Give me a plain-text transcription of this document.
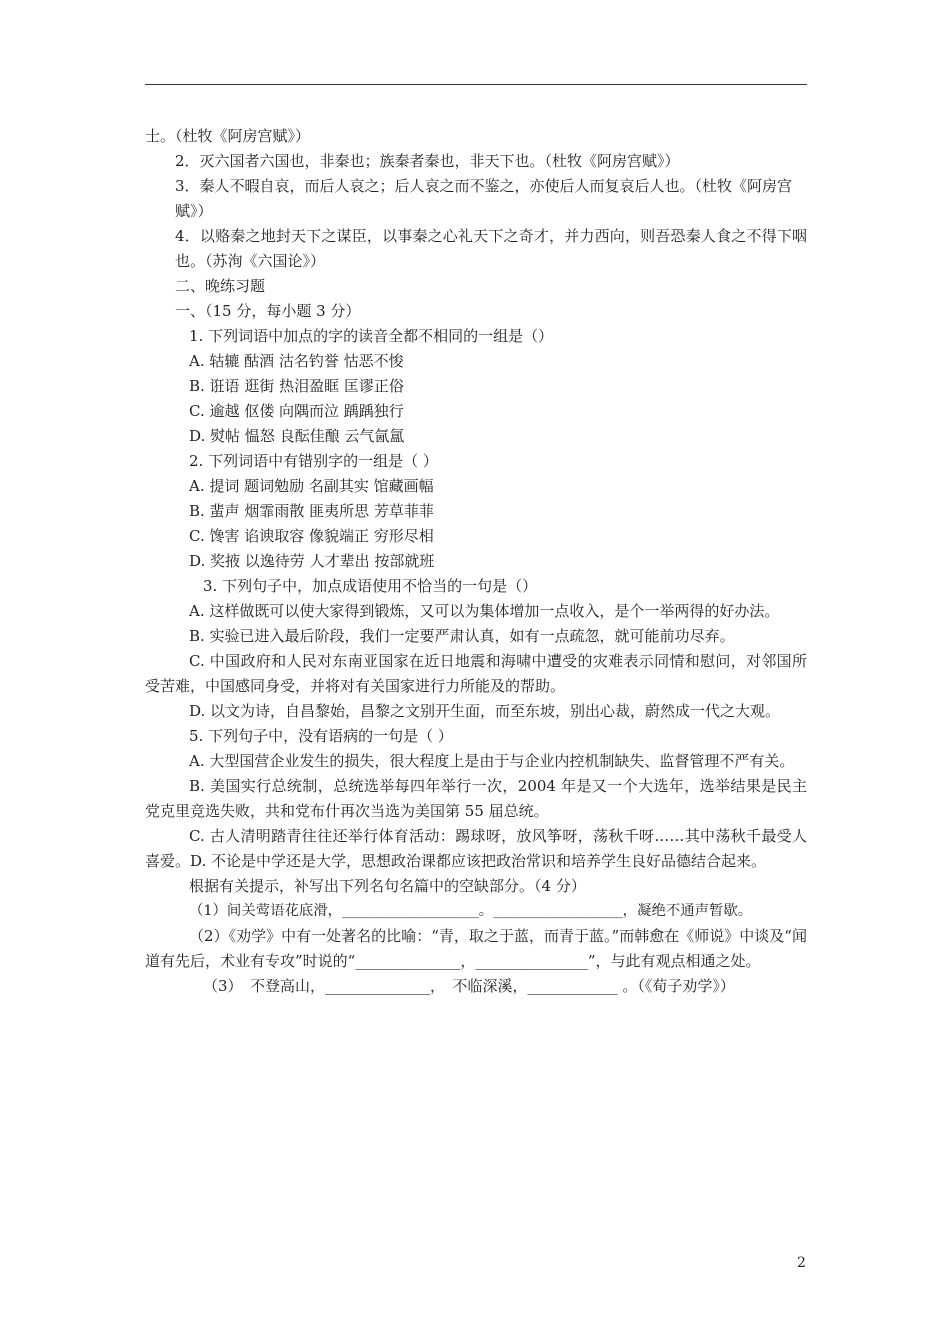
士。（杜牧《阿房宫赋》）
2．灭六国者六国也，非秦也；族秦者秦也，非天下也。（杜牧《阿房宫赋》）
3．秦人不暇自哀，而后人哀之；后人哀之而不鉴之，亦使后人而复哀后人也。（杜牧《阿房宫赋》）
4．以赂秦之地封天下之谋臣，以事秦之心礼天下之奇才，并力西向，则吾恐秦人食之不得下咽也。（苏洵《六国论》）
二、晚练习题
一、（15 分，每小题 3 分）
1. 下列词语中加点的字的读音全都不相同的一组是（）
A. 轱辘 酤酒 沽名钓誉 怙恶不悛
B. 诳语 逛街 热泪盈眶 匡谬正俗
C. 逾越 伛偻 向隅而泣 踽踽独行
D. 熨帖 愠怒 良酝佳酿 云气氤氲
2. 下列词语中有错别字的一组是（ ）
A. 提词 题词勉励 名副其实 馆藏画幅
B. 蜚声 烟霏雨散 匪夷所思 芳草菲菲
C. 馋害 谄谀取容 像貌端正 穷形尽相
D. 奖掖 以逸待劳 人才辈出 按部就班
3. 下列句子中，加点成语使用不恰当的一句是（）
A. 这样做既可以使大家得到锻炼，又可以为集体增加一点收入，是个一举两得的好办法。
B. 实验已进入最后阶段，我们一定要严肃认真，如有一点疏忽，就可能前功尽弃。
C. 中国政府和人民对东南亚国家在近日地震和海啸中遭受的灾难表示同情和慰问，对邻国所受苦难，中国感同身受，并将对有关国家进行力所能及的帮助。
D. 以文为诗，自昌黎始，昌黎之文别开生面，而至东坡，别出心裁，蔚然成一代之大观。
5. 下列句子中，没有语病的一句是（ ）
A. 大型国营企业发生的损失，很大程度上是由于与企业内控机制缺失、监督管理不严有关。
B. 美国实行总统制，总统选举每四年举行一次，2004 年是又一个大选年，选举结果是民主党克里竞选失败，共和党布什再次当选为美国第 55 届总统。
C. 古人清明踏青往往还举行体育活动：踢球呀，放风筝呀，荡秋千呀……其中荡秋千最受人喜爱。D. 不论是中学还是大学，思想政治课都应该把政治常识和培养学生良好品德结合起来。
根据有关提示，补写出下列名句名篇中的空缺部分。（4 分）
（1）间关莺语花底滑，___________________。__________________，凝绝不通声暂歇。
（2）《劝学》中有一处著名的比喻：“青，取之于蓝，而青于蓝。”而韩愈在《师说》中谈及“闻道有先后，术业有专攻”时说的“______________，_______________”，与此有观点相通之处。
（3）　不登高山，______________，　不临深溪，____________ 。（《荀子劝学》）
2
